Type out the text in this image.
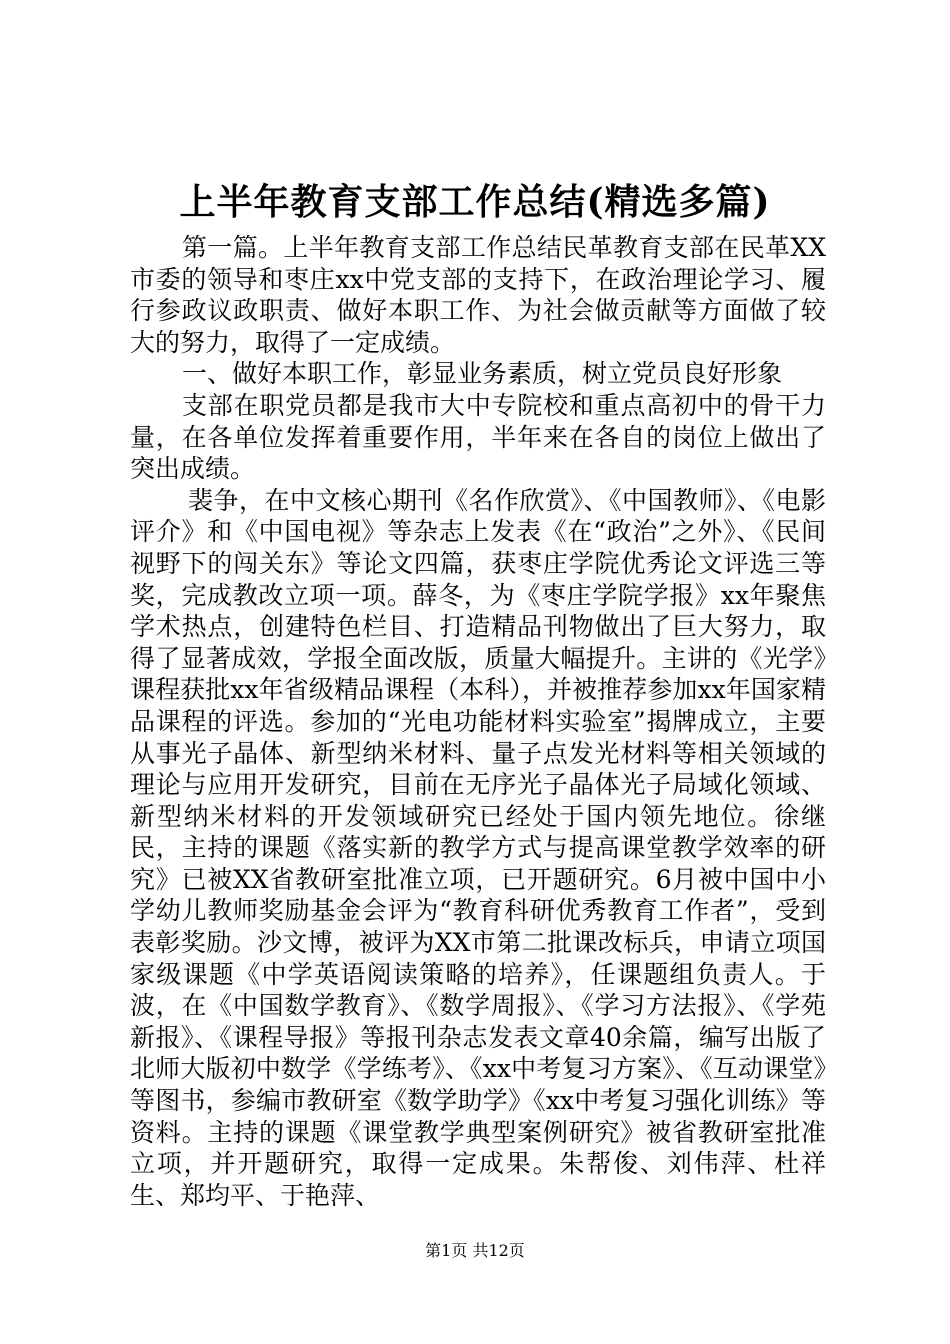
上半年教育支部工作总结(精选多篇)

第一篇。上半年教育支部工作总结民革教育支部在民革XX市委的领导和枣庄xx中党支部的支持下，在政治理论学习、履行参政议政职责、做好本职工作、为社会做贡献等方面做了较大的努力，取得了一定成绩。

一、做好本职工作，彰显业务素质，树立党员良好形象

支部在职党员都是我市大中专院校和重点高初中的骨干力量，在各单位发挥着重要作用，半年来在各自的岗位上做出了突出成绩。

裴争，在中文核心期刊《名作欣赏》、《中国教师》、《电影评介》和《中国电视》等杂志上发表《在“政治”之外》、《民间视野下的闯关东》等论文四篇，获枣庄学院优秀论文评选三等奖，完成教改立项一项。薛冬，为《枣庄学院学报》xx年聚焦学术热点，创建特色栏目、打造精品刊物做出了巨大努力，取得了显著成效，学报全面改版，质量大幅提升。主讲的《光学》课程获批xx年省级精品课程（本科），并被推荐参加xx年国家精品课程的评选。参加的“光电功能材料实验室”揭牌成立，主要从事光子晶体、新型纳米材料、量子点发光材料等相关领域的理论与应用开发研究，目前在无序光子晶体光子局域化领域、新型纳米材料的开发领域研究已经处于国内领先地位。徐继民，主持的课题《落实新的教学方式与提高课堂教学效率的研究》已被XX省教研室批准立项，已开题研究。6月被中国中小学幼儿教师奖励基金会评为“教育科研优秀教育工作者”，受到表彰奖励。沙文博，被评为XX市第二批课改标兵，申请立项国家级课题《中学英语阅读策略的培养》，任课题组负责人。于波，在《中国数学教育》、《数学周报》、《学习方法报》、《学苑新报》、《课程导报》等报刊杂志发表文章40余篇，编写出版了北师大版初中数学《学练考》、《xx中考复习方案》、《互动课堂》等图书，参编市教研室《数学助学》《xx中考复习强化训练》等资料。主持的课题《课堂教学典型案例研究》被省教研室批准立项，并开题研究，取得一定成果。朱帮俊、刘伟萍、杜祥生、郑均平、于艳萍、

第1页 共12页
